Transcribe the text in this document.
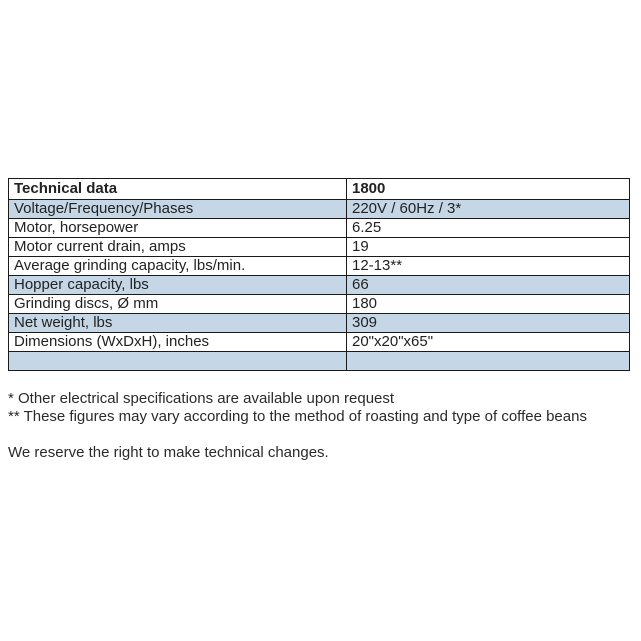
Technical data	1800
Voltage/Frequency/Phases	220V / 60Hz / 3*
Motor, horsepower	6.25
Motor current drain, amps	19
Average grinding capacity, lbs/min.	12-13**
Hopper capacity, lbs	66
Grinding discs, Ø mm	180
Net weight, lbs	309
Dimensions (WxDxH), inches	20"x20"x65"

* Other electrical specifications are available upon request

** These figures may vary according to the method of roasting and type of coffee beans

We reserve the right to make technical changes.
